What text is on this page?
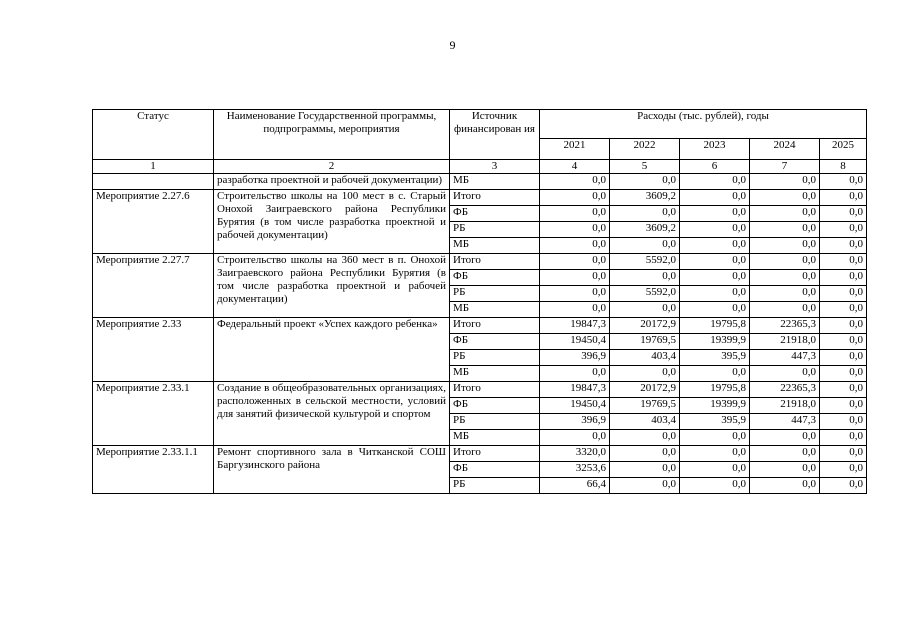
9
Статус	Наименование Государственной программы, подпрограммы, мероприятия	Источник финансирован ия	Расходы (тыс. рублей), годы				
			2021	2022	2023	2024	2025
1	2	3	4	5	6	7	8
	разработка проектной и рабочей документации)	МБ	0,0	0,0	0,0	0,0	0,0
Мероприятие 2.27.6	Строительство школы на 100 мест в с. Старый Онохой Заиграевского района Республики Бурятия (в том числе разработка проектной и рабочей документации)	Итого	0,0	3609,2	0,0	0,0	0,0
		ФБ	0,0	0,0	0,0	0,0	0,0
		РБ	0,0	3609,2	0,0	0,0	0,0
		МБ	0,0	0,0	0,0	0,0	0,0
Мероприятие 2.27.7	Строительство школы на 360 мест в п. Онохой Заиграевского района Республики Бурятия (в том числе разработка проектной и рабочей документации)	Итого	0,0	5592,0	0,0	0,0	0,0
		ФБ	0,0	0,0	0,0	0,0	0,0
		РБ	0,0	5592,0	0,0	0,0	0,0
		МБ	0,0	0,0	0,0	0,0	0,0
Мероприятие 2.33	Федеральный проект «Успех каждого ребенка»	Итого	19847,3	20172,9	19795,8	22365,3	0,0
		ФБ	19450,4	19769,5	19399,9	21918,0	0,0
		РБ	396,9	403,4	395,9	447,3	0,0
		МБ	0,0	0,0	0,0	0,0	0,0
Мероприятие 2.33.1	Создание в общеобразовательных организациях, расположенных в сельской местности, условий для занятий физической культурой и спортом	Итого	19847,3	20172,9	19795,8	22365,3	0,0
		ФБ	19450,4	19769,5	19399,9	21918,0	0,0
		РБ	396,9	403,4	395,9	447,3	0,0
		МБ	0,0	0,0	0,0	0,0	0,0
Мероприятие 2.33.1.1	Ремонт спортивного зала в Читканской СОШ Баргузинского района	Итого	3320,0	0,0	0,0	0,0	0,0
		ФБ	3253,6	0,0	0,0	0,0	0,0
		РБ	66,4	0,0	0,0	0,0	0,0
